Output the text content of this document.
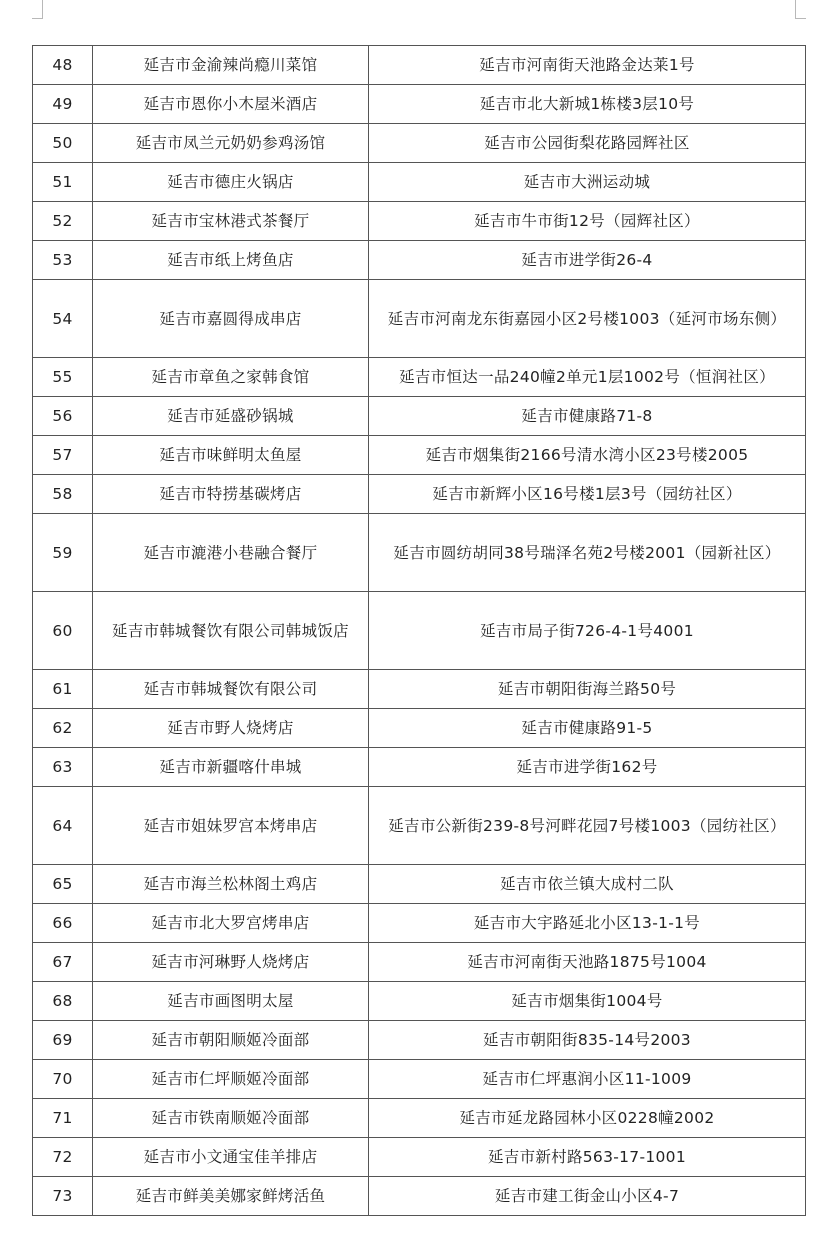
48	延吉市金渝辣尚瘾川菜馆	延吉市河南街天池路金达莱1号
49	延吉市恩你小木屋米酒店	延吉市北大新城1栋楼3层10号
50	延吉市凤兰元奶奶参鸡汤馆	延吉市公园街梨花路园辉社区
51	延吉市德庄火锅店	延吉市大洲运动城
52	延吉市宝林港式茶餐厅	延吉市牛市街12号（园辉社区）
53	延吉市纸上烤鱼店	延吉市进学街26-4
54	延吉市嘉圆得成串店	延吉市河南龙东街嘉园小区2号楼1003（延河市场东侧）
55	延吉市章鱼之家韩食馆	延吉市恒达一品240幢2单元1层1002号（恒润社区）
56	延吉市延盛砂锅城	延吉市健康路71-8
57	延吉市味鲜明太鱼屋	延吉市烟集街2166号清水湾小区23号楼2005
58	延吉市特捞基碳烤店	延吉市新辉小区16号楼1层3号（园纺社区）
59	延吉市漉港小巷融合餐厅	延吉市圆纺胡同38号瑞泽名苑2号楼2001（园新社区）
60	延吉市韩城餐饮有限公司韩城饭店	延吉市局子街726-4-1号4001
61	延吉市韩城餐饮有限公司	延吉市朝阳街海兰路50号
62	延吉市野人烧烤店	延吉市健康路91-5
63	延吉市新疆喀什串城	延吉市进学街162号
64	延吉市姐妹罗宫本烤串店	延吉市公新街239-8号河畔花园7号楼1003（园纺社区）
65	延吉市海兰松林阁土鸡店	延吉市依兰镇大成村二队
66	延吉市北大罗宫烤串店	延吉市大宇路延北小区13-1-1号
67	延吉市河琳野人烧烤店	延吉市河南街天池路1875号1004
68	延吉市画图明太屋	延吉市烟集街1004号
69	延吉市朝阳顺姬冷面部	延吉市朝阳街835-14号2003
70	延吉市仁坪顺姬冷面部	延吉市仁坪惠润小区11-1009
71	延吉市铁南顺姬冷面部	延吉市延龙路园林小区0228幢2002
72	延吉市小文通宝佳羊排店	延吉市新村路563-17-1001
73	延吉市鲜美美娜家鲜烤活鱼	延吉市建工街金山小区4-7
